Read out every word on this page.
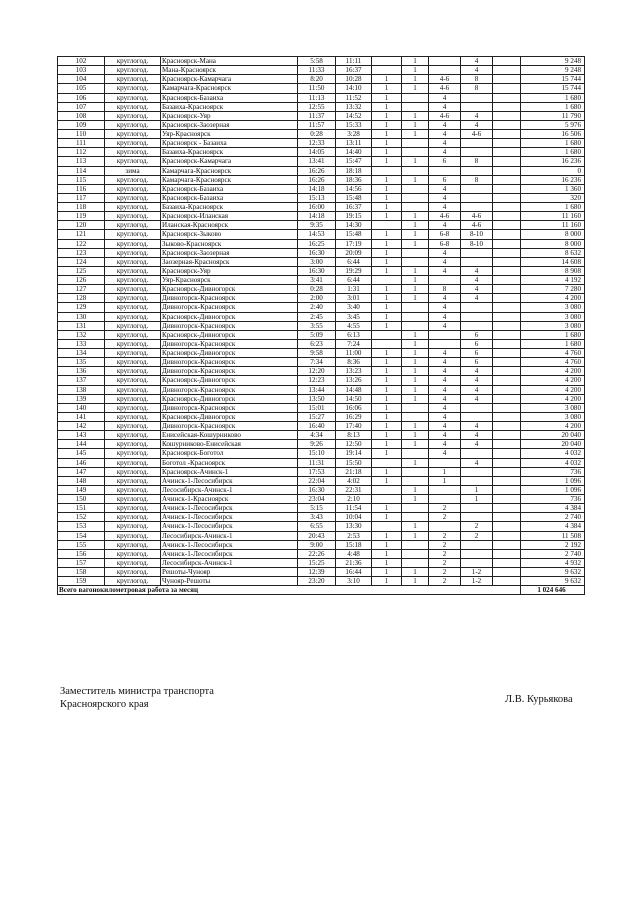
102	круглогод.	Красноярск-Мана	5:58	11:11		1		4		9 248
103	круглогод.	Мана-Красноярск	11:33	16:37		1		4		9 248
104	круглогод.	Красноярск-Камарчага	8:20	10:28	1	1	4-6	8		15 744
105	круглогод.	Камарчага-Красноярск	11:50	14:10	1	1	4-6	8		15 744
106	круглогод.	Красноярск-Базаиха	11:13	11:52	1		4			1 680
107	круглогод.	Базаиха-Красноярск	12:55	13:32	1		4			1 680
108	круглогод.	Красноярск-Уяр	11:37	14:52	1	1	4-6	4		11 790
109	круглогод.	Красноярск-Заозерная	11:57	15:33	1	1	4	4		5 976
110	круглогод.	Уяр-Красноярск	0:28	3:28	1	1	4	4-6		16 506
111	круглогод.	Красноярск - Базаиха	12:33	13:11	1		4			1 680
112	круглогод.	Базаиха-Красноярск	14:05	14:40	1		4			1 680
113	круглогод.	Красноярск-Камарчага	13:41	15:47	1	1	6	8		16 236
114	зима	Камарчага-Красноярск	16:26	18:18						0
115	круглогод.	Камарчага-Красноярск	16:26	18:36	1	1	6	8		16 236
116	круглогод.	Красноярск-Базаиха	14:18	14:56	1		4			1 360
117	круглогод.	Красноярск-Базаиха	15:13	15:48	1		4			320
118	круглогод.	Базаиха-Красноярск	16:00	16:37	1		4			1 680
119	круглогод.	Красноярск-Иланская	14:18	19:15	1	1	4-6	4-6		11 160
120	круглогод.	Иланская-Красноярск	9:35	14:30		1	4	4-6		11 160
121	круглогод.	Красноярск-Зыково	14:53	15:48	1	1	6-8	8-10		8 000
122	круглогод.	Зыково-Красноярск	16:25	17:19	1	1	6-8	8-10		8 000
123	круглогод.	Красноярск-Заозерная	16:30	20:09	1		4			8 632
124	круглогод.	Заозерная-Красноярск	3:00	6:44	1		4			14 608
125	круглогод.	Красноярск-Уяр	16:30	19:29	1	1	4	4		8 908
126	круглогод.	Уяр-Красноярск	3:41	6:44		1		4		4 192
127	круглогод.	Красноярск-Дивногорск	0:28	1:31	1	1	8	4		7 280
128	круглогод.	Дивногорск-Красноярск	2:00	3:01	1	1	4	4		4 200
129	круглогод.	Дивногорск-Красноярск	2:40	3:40	1		4			3 080
130	круглогод.	Красноярск-Дивногорск	2:45	3:45	1		4			3 080
131	круглогод.	Дивногорск-Красноярск	3:55	4:55	1		4			3 080
132	круглогод.	Красноярск-Дивногорск	5:09	6:13		1		6		1 680
133	круглогод.	Дивногорск-Красноярск	6:23	7:24		1		6		1 680
134	круглогод.	Красноярск-Дивногорск	9:58	11:00	1	1	4	6		4 760
135	круглогод.	Дивногорск-Красноярск	7:34	8:36	1	1	4	6		4 760
136	круглогод.	Дивногорск-Красноярск	12:20	13:23	1	1	4	4		4 200
137	круглогод.	Красноярск-Дивногорск	12:23	13:26	1	1	4	4		4 200
138	круглогод.	Дивногорск-Красноярск	13:44	14:48	1	1	4	4		4 200
139	круглогод.	Красноярск-Дивногорск	13:50	14:50	1	1	4	4		4 200
140	круглогод.	Дивногорск-Красноярск	15:01	16:06	1		4			3 080
141	круглогод.	Красноярск-Дивногорск	15:27	16:29	1		4			3 080
142	круглогод.	Дивногорск-Красноярск	16:40	17:40	1	1	4	4		4 200
143	круглогод.	Енисейская-Кошурниково	4:34	8:13	1	1	4	4		20 040
144	круглогод.	Кошурниково-Енисейская	9:26	12:50	1	1	4	4		20 040
145	круглогод.	Красноярск-Боготол	15:10	19:14	1		4			4 032
146	круглогод.	Боготол -Красноярск	11:31	15:50		1		4		4 032
147	круглогод.	Красноярск-Ачинск-1	17:53	21:18	1		1			736
148	круглогод.	Ачинск-1-Лесосибирск	22:04	4:02	1		1			1 096
149	круглогод.	Лесосибирск-Ачинск-1	16:30	22:31		1		1		1 096
150	круглогод.	Ачинск-1-Красноярск	23:04	2:10		1		1		736
151	круглогод.	Ачинск-1-Лесосибирск	5:15	11:54	1		2			4 384
152	круглогод.	Ачинск-1-Лесосибирск	3:43	10:04	1		2			2 740
153	круглогод.	Ачинск-1-Лесосибирск	6:55	13:30		1		2		4 384
154	круглогод.	Лесосибирск-Ачинск-1	20:43	2:53	1	1	2	2		11 508
155	круглогод.	Ачинск-1-Лесосибирск	9:00	15:18	1		2			2 192
156	круглогод.	Ачинск-1-Лесосибирск	22:26	4:48	1		2			2 740
157	круглогод.	Лесосибирск-Ачинск-1	15:25	21:36	1		2			4 932
158	круглогод.	Решоты-Чунояр	12:39	16:44	1	1	2	1-2		9 632
159	круглогод.	Чунояр-Решоты	23:20	3:10	1	1	2	1-2		9 632
Всего вагонокилометровая работа за месяц										1 024 646
Заместитель министра транспорта
Красноярского края	Л.В. Курьякова
